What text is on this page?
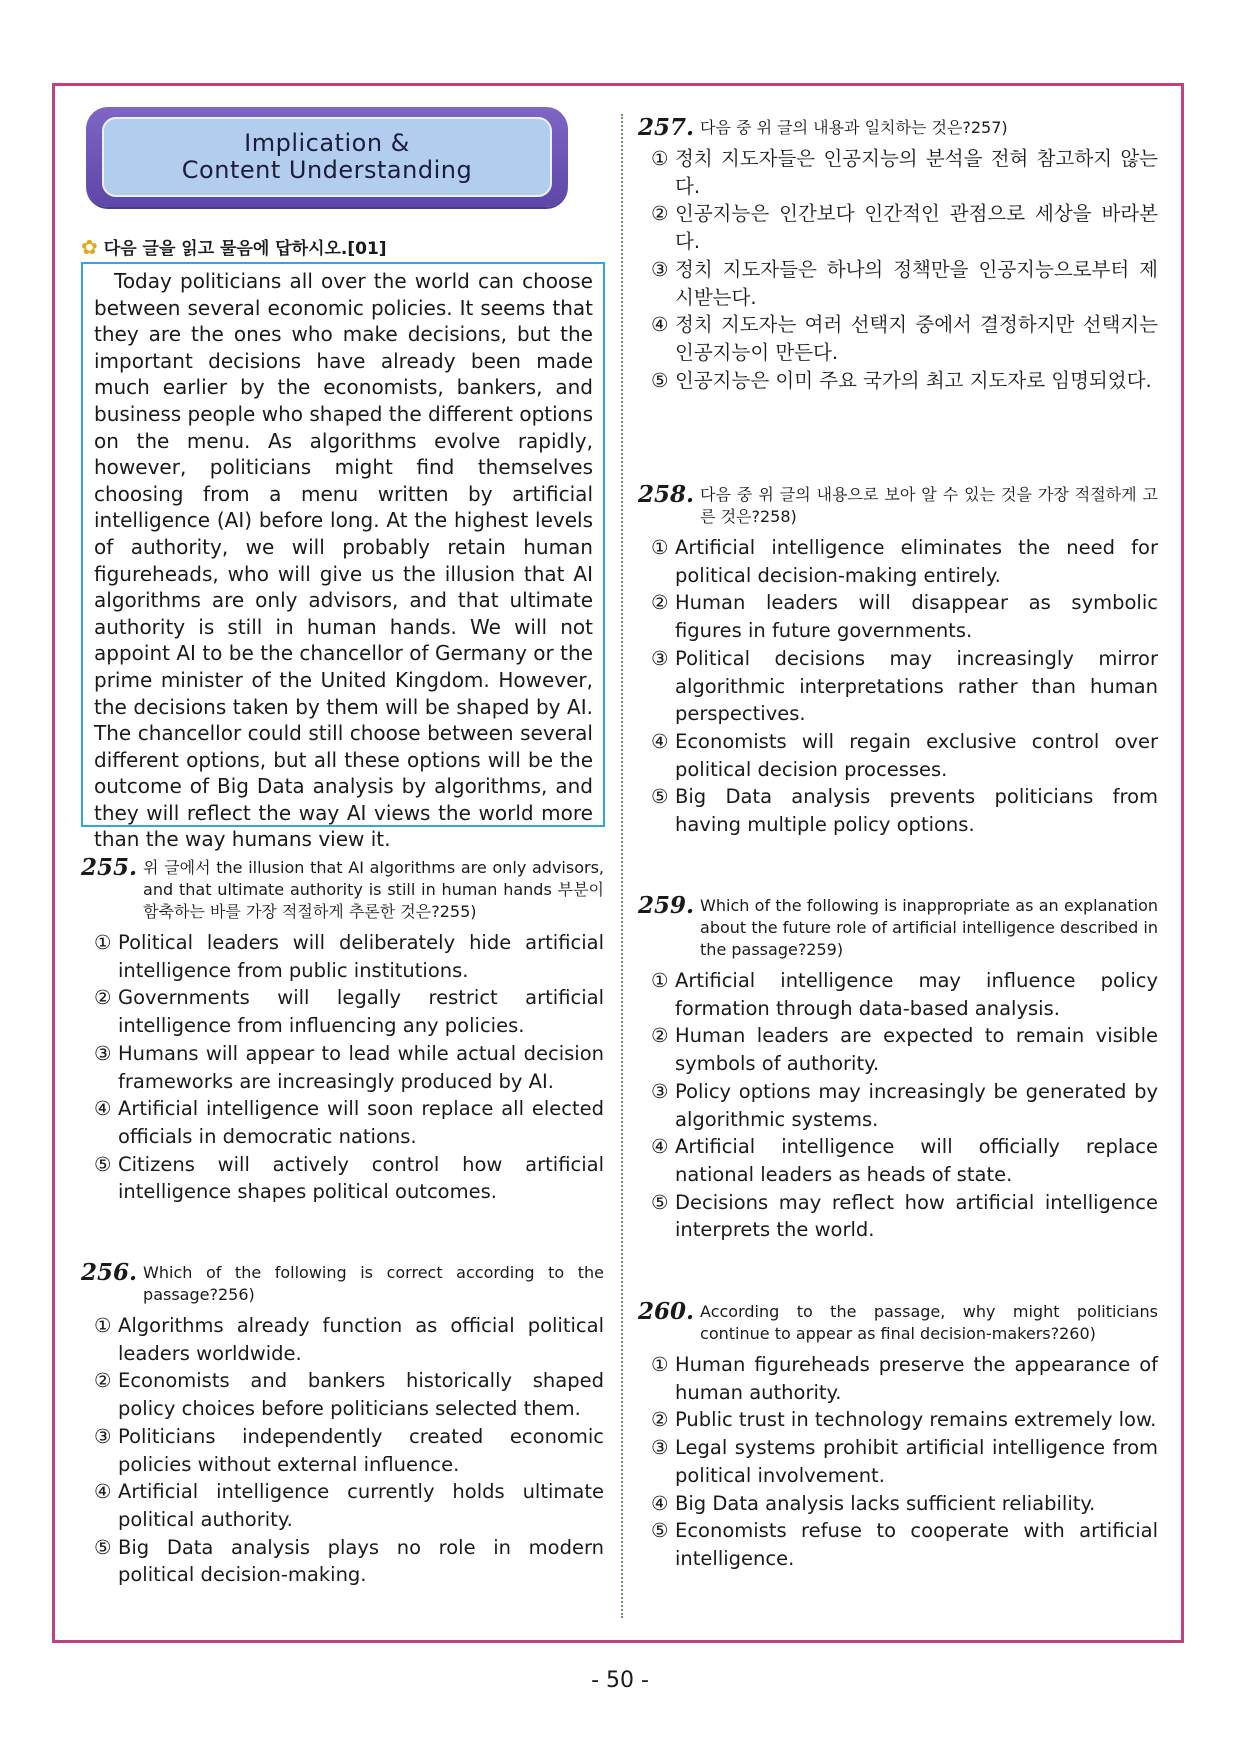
Implication &
Content Understanding
✿ 다음 글을 읽고 물음에 답하시오.[01]
Today politicians all over the world can choose between several economic policies. It seems that they are the ones who make decisions, but the important decisions have already been made much earlier by the economists, bankers, and business people who shaped the different options on the menu. As algorithms evolve rapidly, however, politicians might find themselves choosing from a menu written by artificial intelligence (AI) before long. At the highest levels of authority, we will probably retain human figureheads, who will give us the illusion that AI algorithms are only advisors, and that ultimate authority is still in human hands. We will not appoint AI to be the chancellor of Germany or the prime minister of the United Kingdom. However, the decisions taken by them will be shaped by AI. The chancellor could still choose between several different options, but all these options will be the outcome of Big Data analysis by algorithms, and they will reflect the way AI views the world more than the way humans view it.
255. 위 글에서 the illusion that AI algorithms are only advisors, and that ultimate authority is still in human hands 부분이 함축하는 바를 가장 적절하게 추론한 것은?255)
① Political leaders will deliberately hide artificial intelligence from public institutions.
② Governments will legally restrict artificial intelligence from influencing any policies.
③ Humans will appear to lead while actual decision frameworks are increasingly produced by AI.
④ Artificial intelligence will soon replace all elected officials in democratic nations.
⑤ Citizens will actively control how artificial intelligence shapes political outcomes.
256. Which of the following is correct according to the passage?256)
① Algorithms already function as official political leaders worldwide.
② Economists and bankers historically shaped policy choices before politicians selected them.
③ Politicians independently created economic policies without external influence.
④ Artificial intelligence currently holds ultimate political authority.
⑤ Big Data analysis plays no role in modern political decision-making.
257. 다음 중 위 글의 내용과 일치하는 것은?257)
① 정치 지도자들은 인공지능의 분석을 전혀 참고하지 않는다.
② 인공지능은 인간보다 인간적인 관점으로 세상을 바라본다.
③ 정치 지도자들은 하나의 정책만을 인공지능으로부터 제시받는다.
④ 정치 지도자는 여러 선택지 중에서 결정하지만 선택지는 인공지능이 만든다.
⑤ 인공지능은 이미 주요 국가의 최고 지도자로 임명되었다.
258. 다음 중 위 글의 내용으로 보아 알 수 있는 것을 가장 적절하게 고른 것은?258)
① Artificial intelligence eliminates the need for political decision-making entirely.
② Human leaders will disappear as symbolic figures in future governments.
③ Political decisions may increasingly mirror algorithmic interpretations rather than human perspectives.
④ Economists will regain exclusive control over political decision processes.
⑤ Big Data analysis prevents politicians from having multiple policy options.
259. Which of the following is inappropriate as an explanation about the future role of artificial intelligence described in the passage?259)
① Artificial intelligence may influence policy formation through data-based analysis.
② Human leaders are expected to remain visible symbols of authority.
③ Policy options may increasingly be generated by algorithmic systems.
④ Artificial intelligence will officially replace national leaders as heads of state.
⑤ Decisions may reflect how artificial intelligence interprets the world.
260. According to the passage, why might politicians continue to appear as final decision-makers?260)
① Human figureheads preserve the appearance of human authority.
② Public trust in technology remains extremely low.
③ Legal systems prohibit artificial intelligence from political involvement.
④ Big Data analysis lacks sufficient reliability.
⑤ Economists refuse to cooperate with artificial intelligence.
- 50 -
